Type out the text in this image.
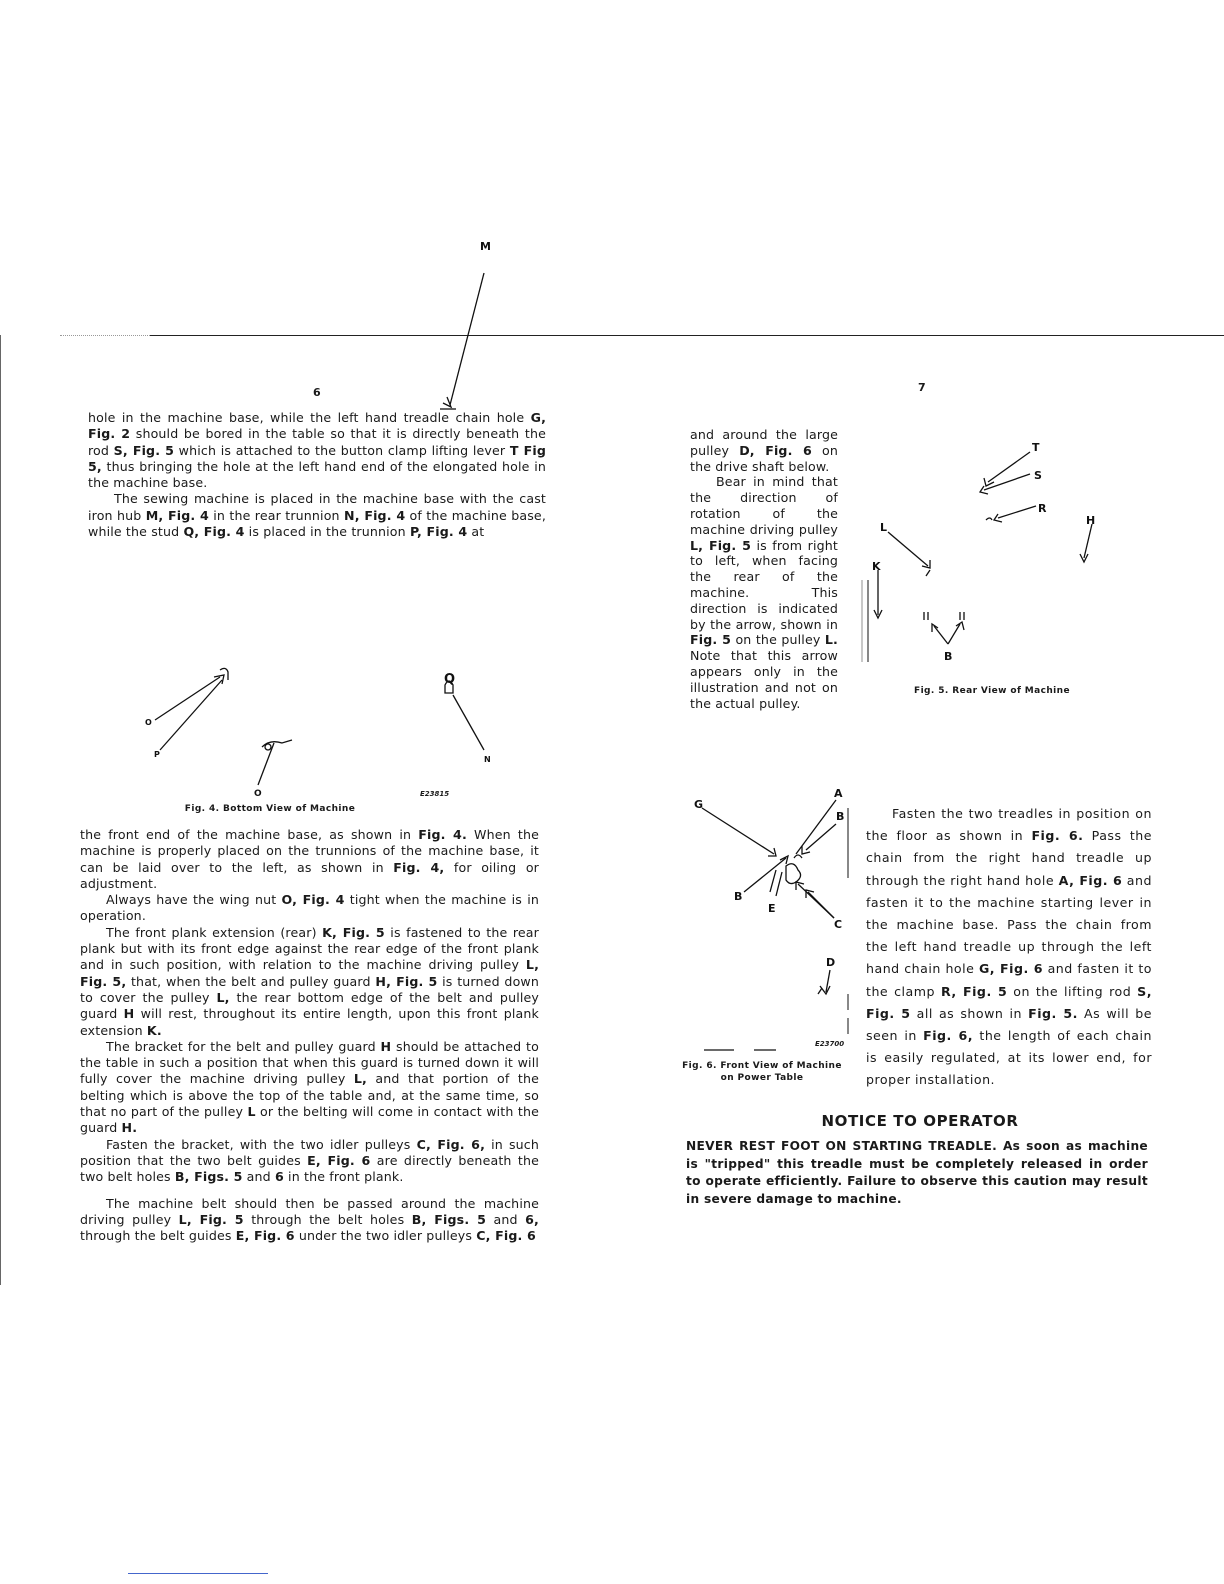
6

hole in the machine base, while the left hand treadle chain hole G, Fig. 2 should be bored in the table so that it is directly beneath the rod S, Fig. 5 which is attached to the button clamp lifting lever T Fig 5, thus bringing the hole at the left hand end of the elongated hole in the machine base.

The sewing machine is placed in the machine base with the cast iron hub M, Fig. 4 in the rear trunnion N, Fig. 4 of the machine base, while the stud Q, Fig. 4 is placed in the trunnion P, Fig. 4 at

M
Q
N
O
P
O	E23815
Fig. 4. Bottom View of Machine

the front end of the machine base, as shown in Fig. 4. When the machine is properly placed on the trunnions of the machine base, it can be laid over to the left, as shown in Fig. 4, for oiling or adjustment.

Always have the wing nut O, Fig. 4 tight when the machine is in operation.

The front plank extension (rear) K, Fig. 5 is fastened to the rear plank but with its front edge against the rear edge of the front plank and in such position, with relation to the machine driving pulley L, Fig. 5, that, when the belt and pulley guard H, Fig. 5 is turned down to cover the pulley L, the rear bottom edge of the belt and pulley guard H will rest, throughout its entire length, upon this front plank extension K.

The bracket for the belt and pulley guard H should be attached to the table in such a position that when this guard is turned down it will fully cover the machine driving pulley L, and that portion of the belting which is above the top of the table and, at the same time, so that no part of the pulley L or the belting will come in contact with the guard H.

Fasten the bracket, with the two idler pulleys C, Fig. 6, in such position that the two belt guides E, Fig. 6 are directly beneath the two belt holes B, Figs. 5 and 6 in the front plank.

The machine belt should then be passed around the machine driving pulley L, Fig. 5 through the belt holes B, Figs. 5 and 6, through the belt guides E, Fig. 6 under the two idler pulleys C, Fig. 6

7

and around the large pulley D, Fig. 6 on the drive shaft below.

Bear in mind that the direction of rotation of the machine driving pulley L, Fig. 5 is from right to left, when facing the rear of the machine. This direction is indicated by the arrow, shown in Fig. 5 on the pulley L. Note that this arrow appears only in the illustration and not on the actual pulley.

T
S
R
H
L
K
B
Fig. 5. Rear View of Machine
A
B
G
B
E
C
D
E23700
Fig. 6. Front View of Machine
on Power Table

Fasten the two treadles in position on the floor as shown in Fig. 6. Pass the chain from the right hand treadle up through the right hand hole A, Fig. 6 and fasten it to the machine starting lever in the machine base. Pass the chain from the left hand treadle up through the left hand chain hole G, Fig. 6 and fasten it to the clamp R, Fig. 5 on the lifting rod S, Fig. 5 all as shown in Fig. 5. As will be seen in Fig. 6, the length of each chain is easily regulated, at its lower end, for proper installation.

NOTICE TO OPERATOR
NEVER REST FOOT ON STARTING TREADLE. As soon as machine is "tripped" this treadle must be completely released in order to operate efficiently. Failure to observe this caution may result in severe damage to machine.
